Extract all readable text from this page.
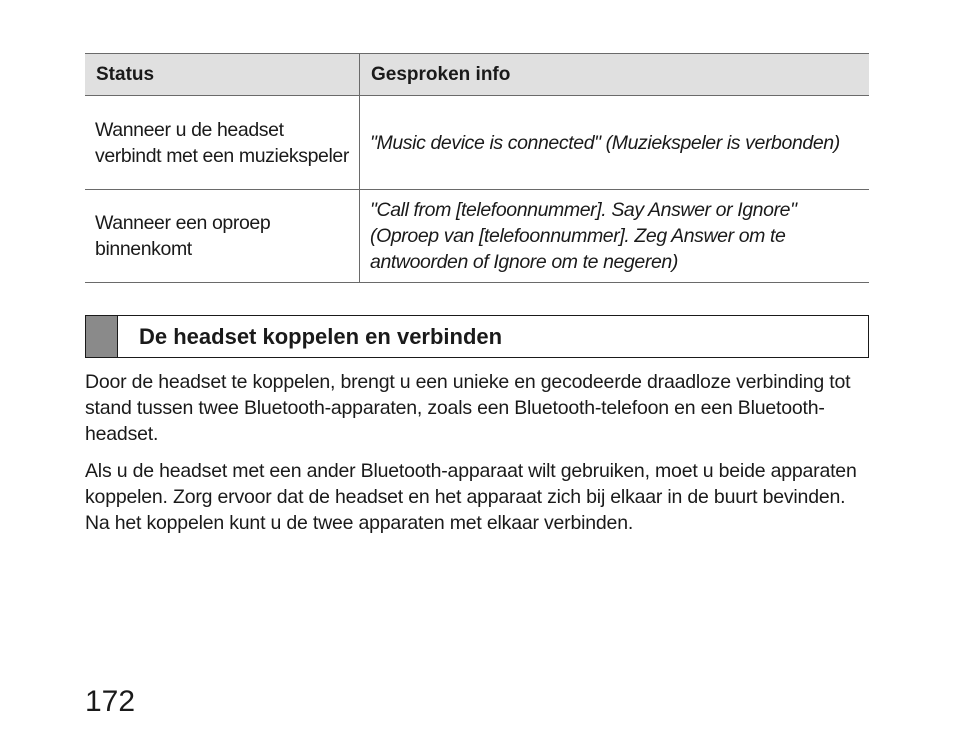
Status	Gesproken info
Wanneer u de headset verbindt met een muziekspeler	"Music device is connected" (Muziekspeler is verbonden)
Wanneer een oproep binnenkomt	"Call from [telefoonnummer]. Say Answer or Ignore" (Oproep van [telefoonnummer]. Zeg Answer om te antwoorden of Ignore om te negeren)
De headset koppelen en verbinden

Door de headset te koppelen, brengt u een unieke en gecodeerde draadloze verbinding tot stand tussen twee Bluetooth-apparaten, zoals een Bluetooth-telefoon en een Bluetooth-headset.

Als u de headset met een ander Bluetooth-apparaat wilt gebruiken, moet u beide apparaten koppelen. Zorg ervoor dat de headset en het apparaat zich bij elkaar in de buurt bevinden. Na het koppelen kunt u de twee apparaten met elkaar verbinden.

172
